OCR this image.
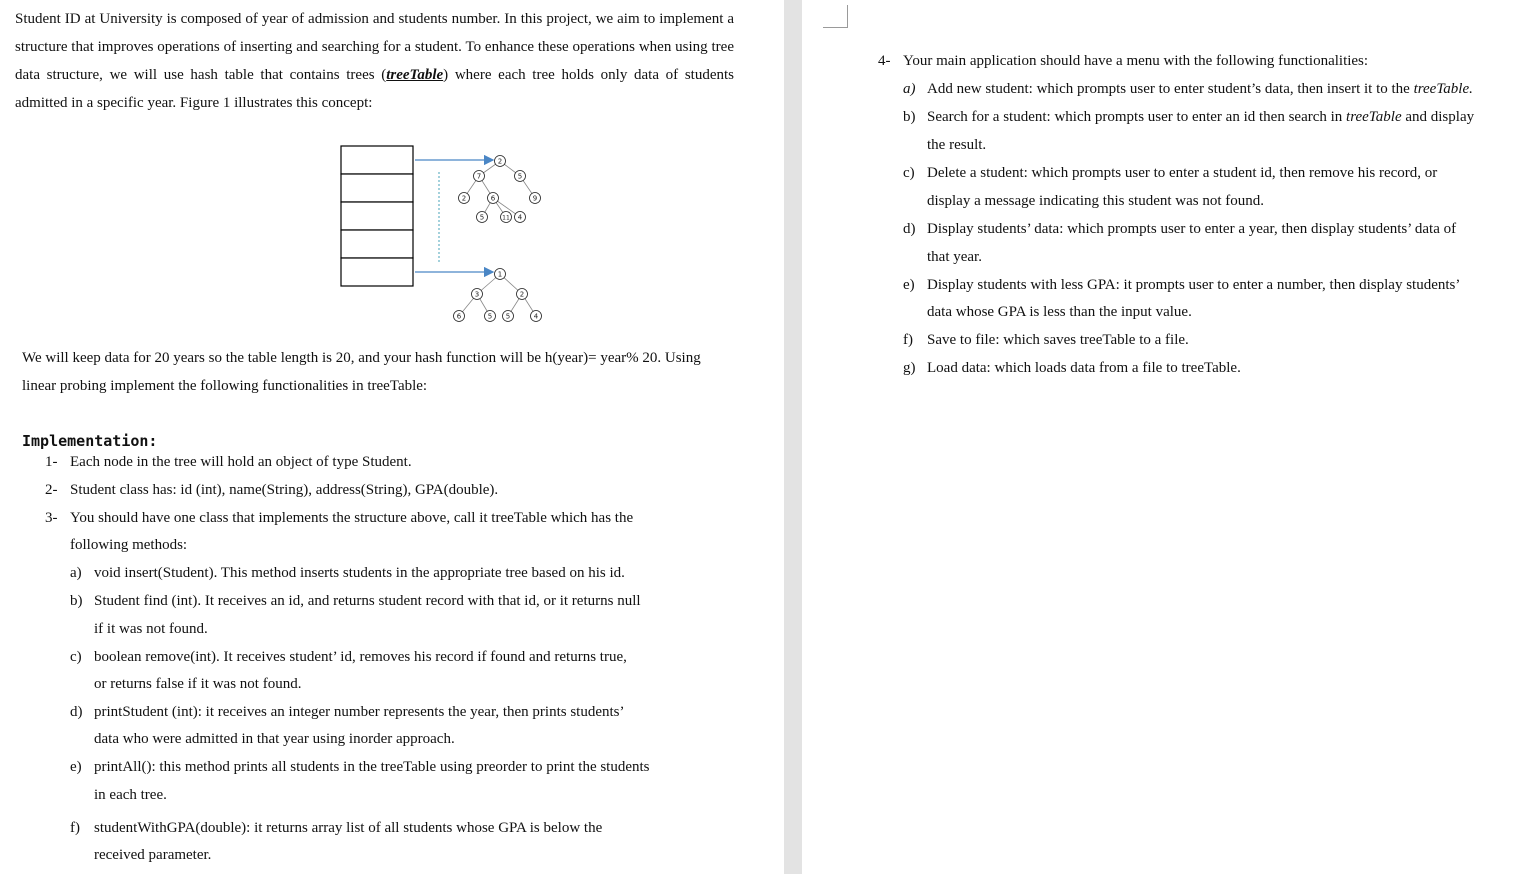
Student ID at University is composed of year of admission and students number. In this project, we aim to implement a structure that improves operations of inserting and searching for a student. To enhance these operations when using tree data structure, we will use hash table that contains trees (treeTable) where each tree holds only data of students admitted in a specific year. Figure 1 illustrates this concept:

2
7	5
2	6	9
5	11 4
1
3	2
6	5 5	4

We will keep data for 20 years so the table length is 20, and your hash function will be h(year)= year% 20. Using linear probing implement the following functionalities in treeTable:

Implementation:

1- Each node in the tree will hold an object of type Student.
2- Student class has: id (int), name(String), address(String), GPA(double).
3- You should have one class that implements the structure above, call it treeTable which has the
following methods:
a) void insert(Student). This method inserts students in the appropriate tree based on his id.
b) Student find (int). It receives an id, and returns student record with that id, or it returns null
if it was not found.
c) boolean remove(int). It receives student’ id, removes his record if found and returns true,
or returns false if it was not found.
d) printStudent (int): it receives an integer number represents the year, then prints students’
data who were admitted in that year using inorder approach.
e) printAll(): this method prints all students in the treeTable using preorder to print the students
in each tree.
f) studentWithGPA(double): it returns array list of all students whose GPA is below the
received parameter.
4- Your main application should have a menu with the following functionalities:
a) Add new student: which prompts user to enter student’s data, then insert it to the treeTable.
b) Search for a student: which prompts user to enter an id then search in treeTable and display
the result.
c) Delete a student: which prompts user to enter a student id, then remove his record, or
display a message indicating this student was not found.
d) Display students’ data: which prompts user to enter a year, then display students’ data of
that year.
e) Display students with less GPA: it prompts user to enter a number, then display students’
data whose GPA is less than the input value.
f) Save to file: which saves treeTable to a file.
g) Load data: which loads data from a file to treeTable.
